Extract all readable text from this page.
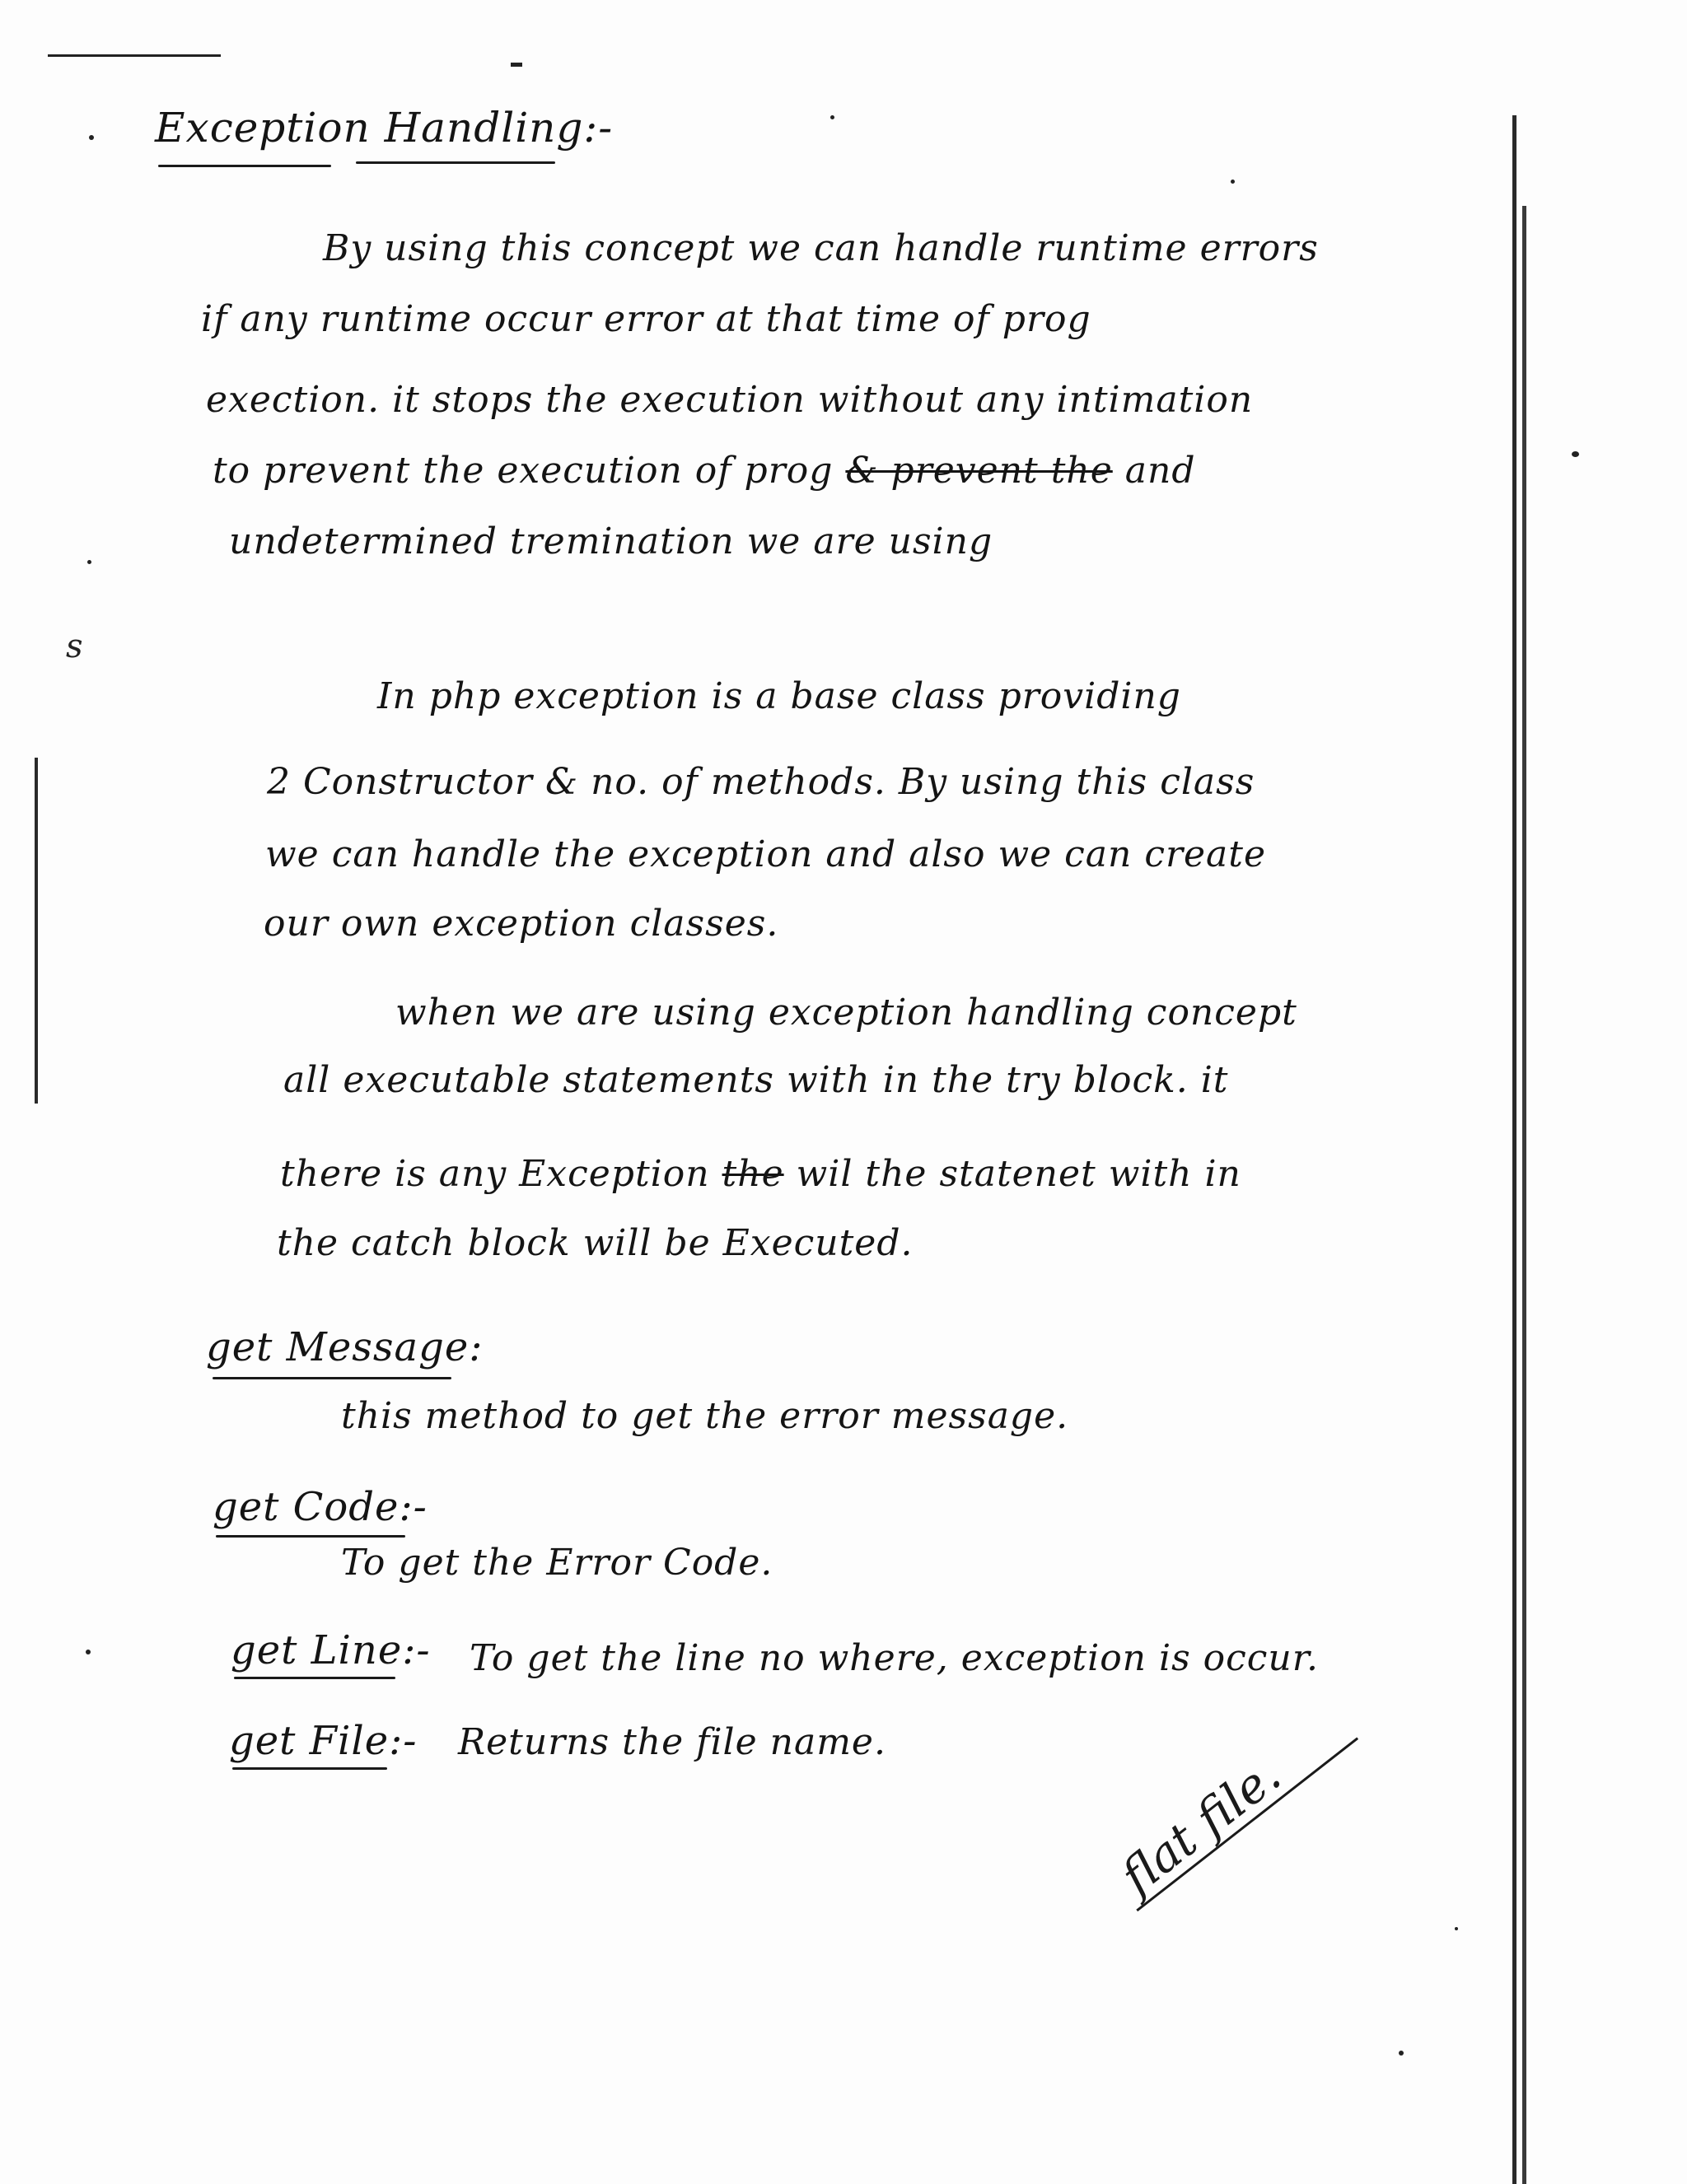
s
Exception Handling:-
By using this concept we can handle runtime errors
if any runtime occur error at that time of prog
exection. it stops the execution without any intimation
to prevent the execution of prog & prevent the and
undetermined tremination we are using
In php exception is a base class providing
2 Constructor & no. of methods. By using this class
we can handle the exception and also we can create
our own exception classes.
when we are using exception handling concept
all executable statements with in the try block. it
there is any Exception the wil the statenet with in
the catch block will be Executed.
get Message:
this method to get the error message.
get Code:-
To get the Error Code.
get Line:- To get the line no where, exception is occur.
get File:- Returns the file name.
flat file.
